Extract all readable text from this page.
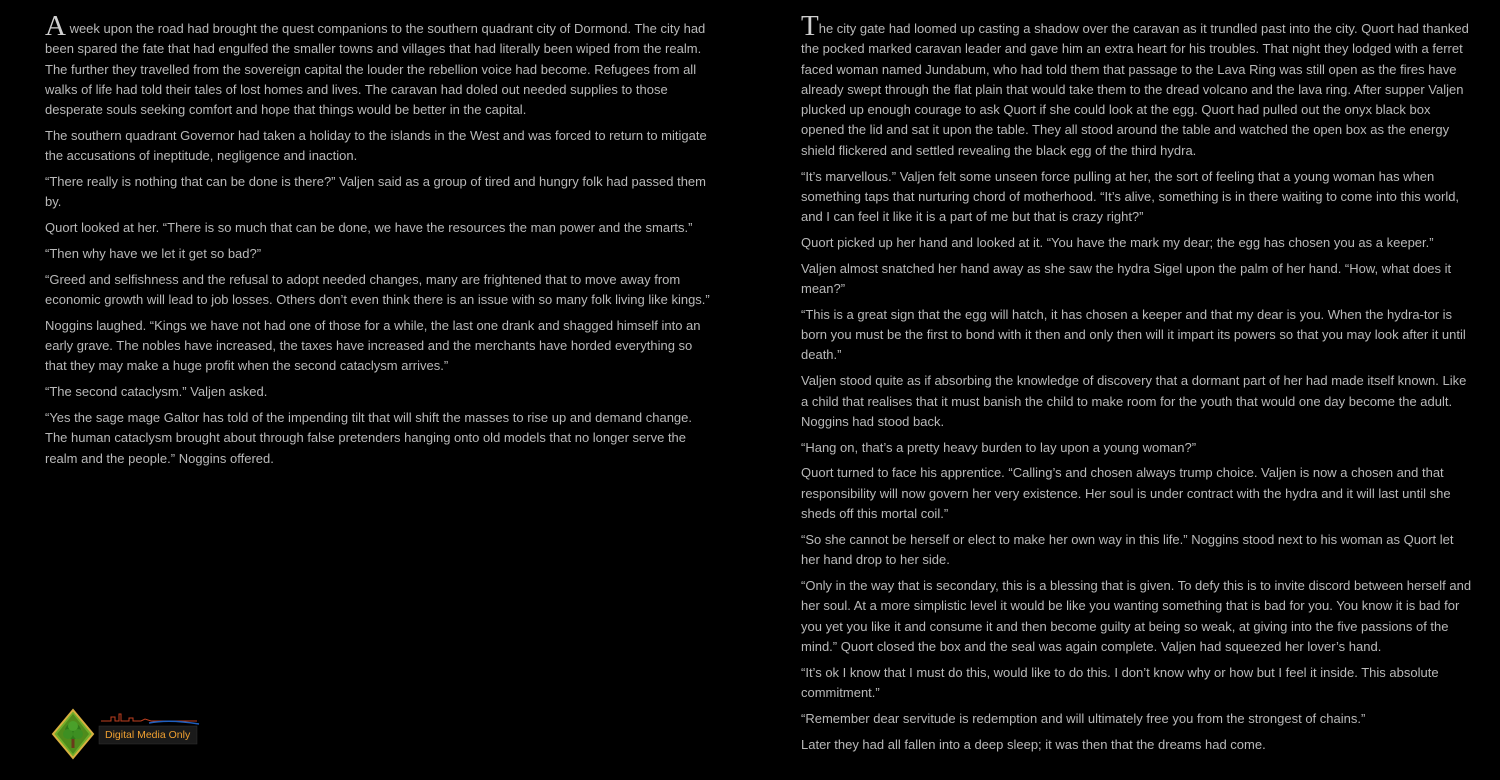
A week upon the road had brought the quest companions to the southern quadrant city of Dormond. The city had been spared the fate that had engulfed the smaller towns and villages that had literally been wiped from the realm. The further they travelled from the sovereign capital the louder the rebellion voice had become. Refugees from all walks of life had told their tales of lost homes and lives. The caravan had doled out needed supplies to those desperate souls seeking comfort and hope that things would be better in the capital.

The southern quadrant Governor had taken a holiday to the islands in the West and was forced to return to mitigate the accusations of ineptitude, negligence and inaction.

“There really is nothing that can be done is there?” Valjen said as a group of tired and hungry folk had passed them by.

Quort looked at her. “There is so much that can be done, we have the resources the man power and the smarts.”

“Then why have we let it get so bad?”

“Greed and selfishness and the refusal to adopt needed changes, many are frightened that to move away from economic growth will lead to job losses. Others don’t even think there is an issue with so many folk living like kings.”

Noggins laughed. “Kings we have not had one of those for a while, the last one drank and shagged himself into an early grave. The nobles have increased, the taxes have increased and the merchants have horded everything so that they may make a huge profit when the second cataclysm arrives.”

“The second cataclysm.” Valjen asked.

“Yes the sage mage Galtor has told of the impending tilt that will shift the masses to rise up and demand change. The human cataclysm brought about through false pretenders hanging onto old models that no longer serve the realm and the people.” Noggins offered.

The city gate had loomed up casting a shadow over the caravan as it trundled past into the city. Quort had thanked the pocked marked caravan leader and gave him an extra heart for his troubles. That night they lodged with a ferret faced woman named Jundabum, who had told them that passage to the Lava Ring was still open as the fires have already swept through the flat plain that would take them to the dread volcano and the lava ring. After supper Valjen plucked up enough courage to ask Quort if she could look at the egg. Quort had pulled out the onyx black box opened the lid and sat it upon the table. They all stood around the table and watched the open box as the energy shield flickered and settled revealing the black egg of the third hydra.

“It’s marvellous.” Valjen felt some unseen force pulling at her, the sort of feeling that a young woman has when something taps that nurturing chord of motherhood. “It’s alive, something is in there waiting to come into this world, and I can feel it like it is a part of me but that is crazy right?”

Quort picked up her hand and looked at it. “You have the mark my dear; the egg has chosen you as a keeper.”

Valjen almost snatched her hand away as she saw the hydra Sigel upon the palm of her hand. “How, what does it mean?”

“This is a great sign that the egg will hatch, it has chosen a keeper and that my dear is you. When the hydra-tor is born you must be the first to bond with it then and only then will it impart its powers so that you may look after it until death.”

Valjen stood quite as if absorbing the knowledge of discovery that a dormant part of her had made itself known. Like a child that realises that it must banish the child to make room for the youth that would one day become the adult. Noggins had stood back.

“Hang on, that’s a pretty heavy burden to lay upon a young woman?”

Quort turned to face his apprentice. “Calling’s and chosen always trump choice. Valjen is now a chosen and that responsibility will now govern her very existence. Her soul is under contract with the hydra and it will last until she sheds off this mortal coil.”

“So she cannot be herself or elect to make her own way in this life.” Noggins stood next to his woman as Quort let her hand drop to her side.

“Only in the way that is secondary, this is a blessing that is given. To defy this is to invite discord between herself and her soul. At a more simplistic level it would be like you wanting something that is bad for you. You know it is bad for you yet you like it and consume it and then become guilty at being so weak, at giving into the five passions of the mind.” Quort closed the box and the seal was again complete. Valjen had squeezed her lover’s hand.

“It’s ok I know that I must do this, would like to do this. I don’t know why or how but I feel it inside. This absolute commitment.”

“Remember dear servitude is redemption and will ultimately free you from the strongest of chains.”

Later they had all fallen into a deep sleep; it was then that the dreams had come.

Digital Media Only
